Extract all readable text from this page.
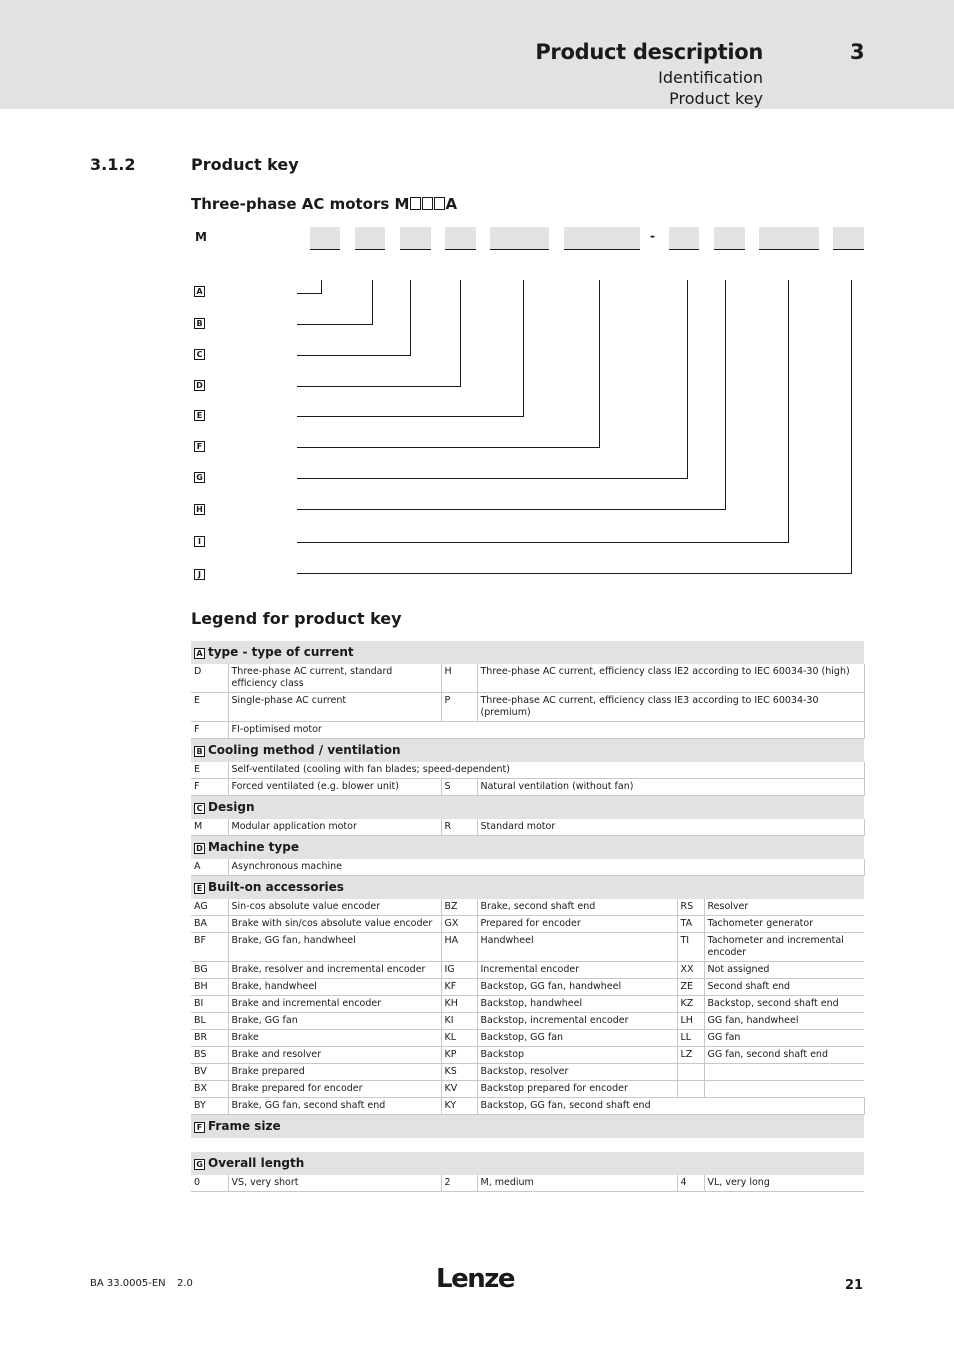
Product description	3
Identification
Product key
3.1.2	Product key
Three-phase AC motors M A
M	-
A
B
C
D
E
F
G
H
I
J
Legend for product key
A type - type of current					
D	Three-phase AC current, standard efficiency class	H	Three-phase AC current, efficiency class IE2 according to IEC 60034-30 (high)		
E	Single-phase AC current	P	Three-phase AC current, efficiency class IE3 according to IEC 60034-30 (premium)		
F	FI-optimised motor				
B Cooling method / ventilation					
E	Self-ventilated (cooling with fan blades; speed-dependent)				
F	Forced ventilated (e.g. blower unit)	S	Natural ventilation (without fan)		
C Design					
M	Modular application motor	R	Standard motor		
D Machine type					
A	Asynchronous machine				
E Built-on accessories					
AG	Sin-cos absolute value encoder	BZ	Brake, second shaft end	RS	Resolver
BA	Brake with sin/cos absolute value encoder	GX	Prepared for encoder	TA	Tachometer generator
BF	Brake, GG fan, handwheel	HA	Handwheel	TI	Tachometer and incremental encoder
BG	Brake, resolver and incremental encoder	IG	Incremental encoder	XX	Not assigned
BH	Brake, handwheel	KF	Backstop, GG fan, handwheel	ZE	Second shaft end
BI	Brake and incremental encoder	KH	Backstop, handwheel	KZ	Backstop, second shaft end
BL	Brake, GG fan	KI	Backstop, incremental encoder	LH	GG fan, handwheel
BR	Brake	KL	Backstop, GG fan	LL	GG fan
BS	Brake and resolver	KP	Backstop	LZ	GG fan, second shaft end
BV	Brake prepared	KS	Backstop, resolver		
BX	Brake prepared for encoder	KV	Backstop prepared for encoder		
BY	Brake, GG fan, second shaft end	KY	Backstop, GG fan, second shaft end		
F Frame size					

G Overall length					
0	VS, very short	2	M, medium	4	VL, very long
BA 33.0005-EN 2.0	Lenze	21
